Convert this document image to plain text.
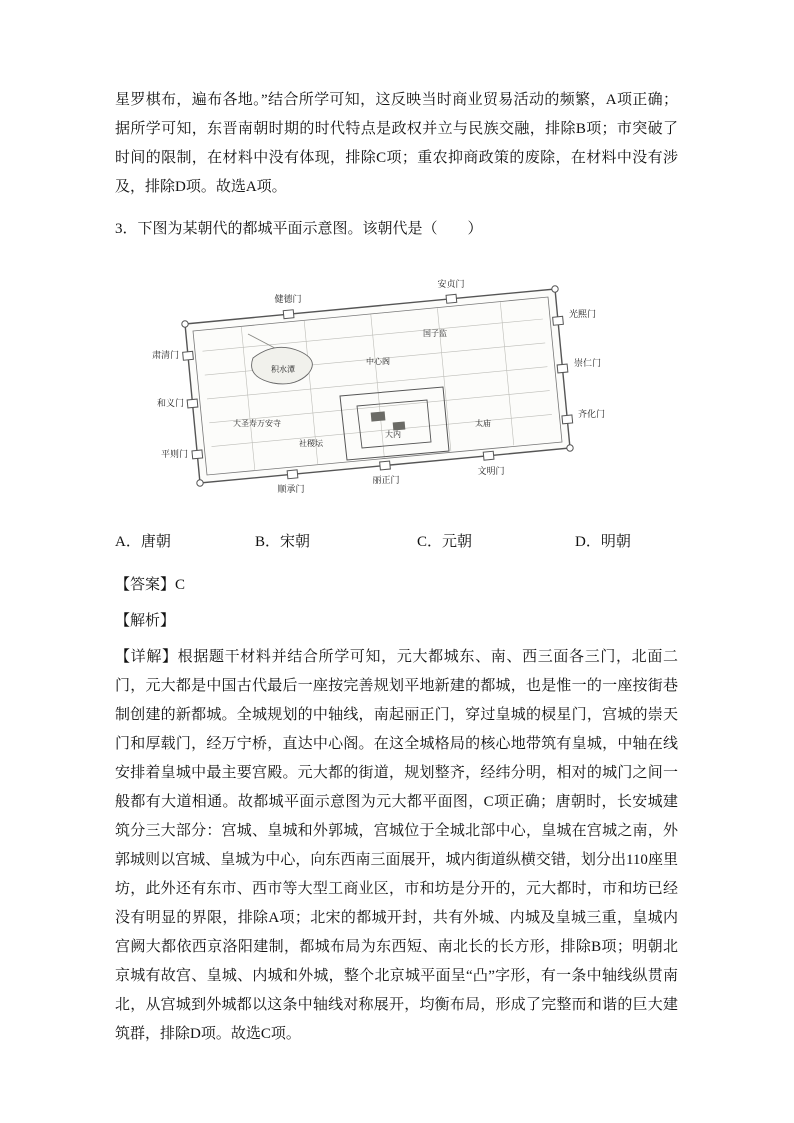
星罗棋布，遍布各地。”结合所学可知，这反映当时商业贸易活动的频繁，A项正确；据所学可知，东晋南朝时期的时代特点是政权并立与民族交融，排除B项；市突破了时间的限制，在材料中没有体现，排除C项；重农抑商政策的废除，在材料中没有涉及，排除D项。故选A项。

3．下图为某朝代的都城平面示意图。该朝代是（　　）

健德门
安贞门
光熙门
崇仁门
齐化门
肃清门
和义门
平则门
顺承门
丽正门
文明门
国子监
中心阁
积水潭
大圣寿万安寺
社稷坛
太庙
大内
A．唐朝	B．宋朝	C．元朝	D．明朝

【答案】C

【解析】

【详解】根据题干材料并结合所学可知，元大都城东、南、西三面各三门，北面二门，元大都是中国古代最后一座按完善规划平地新建的都城，也是惟一的一座按街巷制创建的新都城。全城规划的中轴线，南起丽正门，穿过皇城的棂星门，宫城的崇天门和厚载门，经万宁桥，直达中心阁。在这全城格局的核心地带筑有皇城，中轴在线安排着皇城中最主要宫殿。元大都的街道，规划整齐，经纬分明，相对的城门之间一般都有大道相通。故都城平面示意图为元大都平面图，C项正确；唐朝时，长安城建筑分三大部分：宫城、皇城和外郭城，宫城位于全城北部中心，皇城在宫城之南，外郭城则以宫城、皇城为中心，向东西南三面展开，城内街道纵横交错，划分出110座里坊，此外还有东市、西市等大型工商业区，市和坊是分开的，元大都时，市和坊已经没有明显的界限，排除A项；北宋的都城开封，共有外城、内城及皇城三重，皇城内宫阙大都依西京洛阳建制，都城布局为东西短、南北长的长方形，排除B项；明朝北京城有故宫、皇城、内城和外城，整个北京城平面呈“凸”字形，有一条中轴线纵贯南北，从宫城到外城都以这条中轴线对称展开，均衡布局，形成了完整而和谐的巨大建筑群，排除D项。故选C项。
